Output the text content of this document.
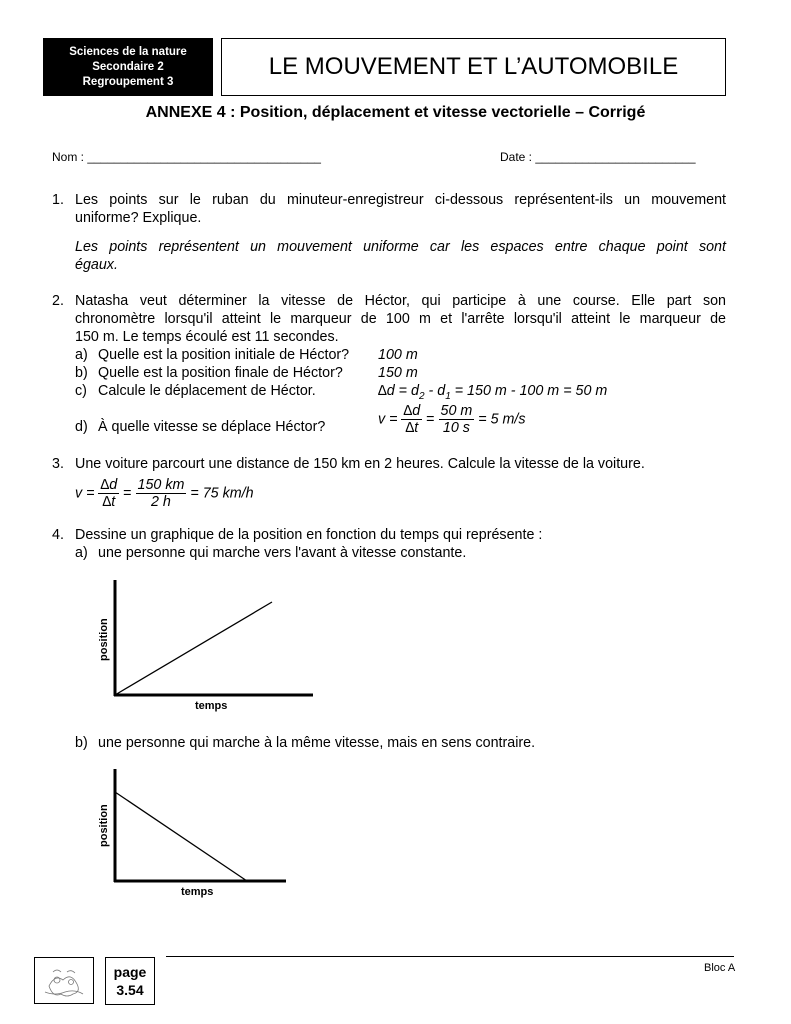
Sciences de la nature
Secondaire 2
Regroupement 3
LE MOUVEMENT ET L’AUTOMOBILE
ANNEXE 4 : Position, déplacement et vitesse vectorielle – Corrigé
Nom : ___________________________________	Date : ________________________
1. Les points sur le ruban du minuteur-enregistreur ci-dessous représentent-ils un mouvement
uniforme? Explique.
Les points représentent un mouvement uniforme car les espaces entre chaque point sont
égaux.
2. Natasha veut déterminer la vitesse de Héctor, qui participe à une course. Elle part son
chronomètre lorsqu'il atteint le marqueur de 100 m et l'arrête lorsqu'il atteint le marqueur de
150 m. Le temps écoulé est 11 secondes.
a) Quelle est la position initiale de Héctor? 100 m
b) Quelle est la position finale de Héctor? 150 m
c) Calcule le déplacement de Héctor.	$\Delta d = d_2 - d_1 = 150$ m - 100 m = 50 m
d) À quelle vitesse se déplace Héctor?	$v = \frac{\Delta d}{\Delta t} = \frac{50 m}{10 s} = 5$ m/s
3. Une voiture parcourt une distance de 150 km en 2 heures. Calcule la vitesse de la voiture.
$v = \frac{\Delta d}{\Delta t} = \frac{150 km}{2 h} = 75$ km/h
4. Dessine un graphique de la position en fonction du temps qui représente :
a) une personne qui marche vers l'avant à vitesse constante.
position
temps
b) une personne qui marche à la même vitesse, mais en sens contraire.
position
temps
page
3.54
Bloc A
